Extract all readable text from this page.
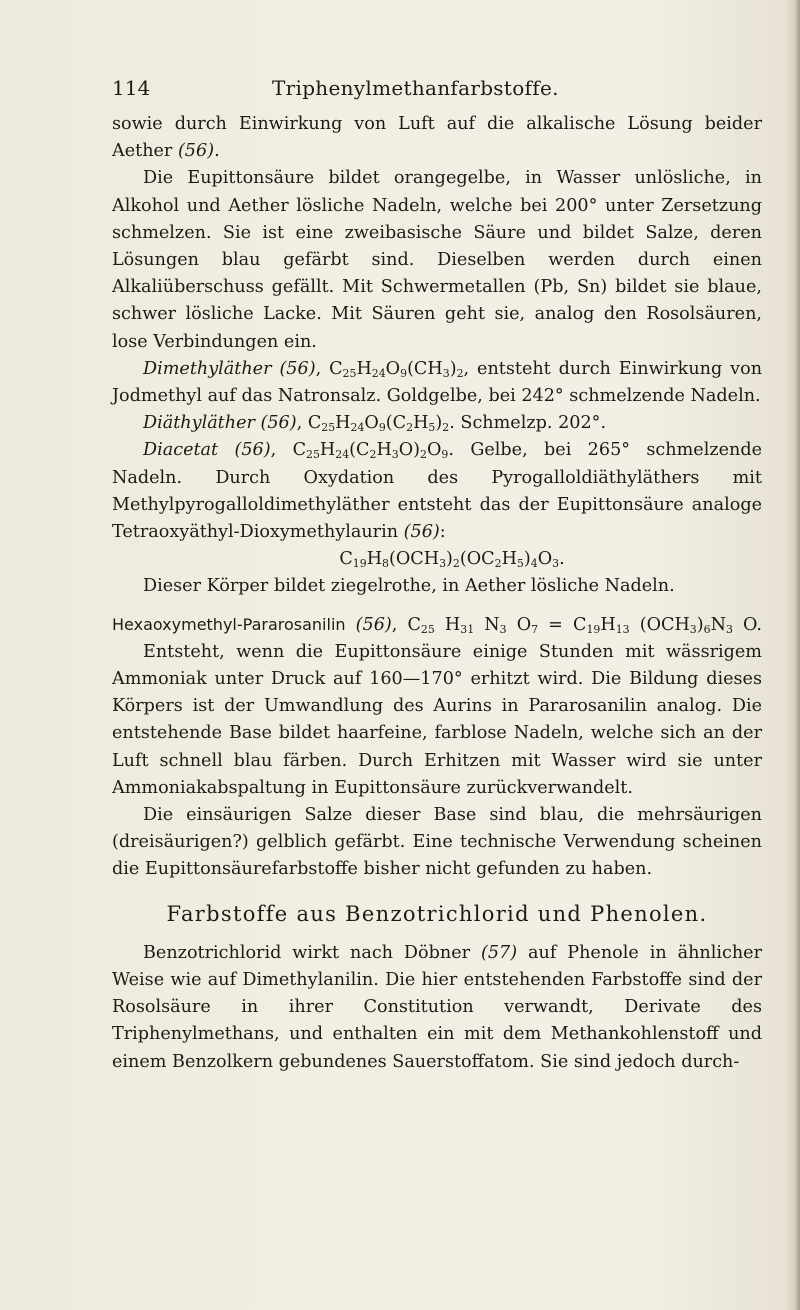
114	Triphenylmethanfarbstoffe.

sowie durch Einwirkung von Luft auf die alkalische Lösung beider Aether (56).

Die Eupittonsäure bildet orangegelbe, in Wasser unlösliche, in Alkohol und Aether lösliche Nadeln, welche bei 200° unter Zersetzung schmelzen. Sie ist eine zweibasische Säure und bildet Salze, deren Lösungen blau gefärbt sind. Dieselben werden durch einen Alkaliüberschuss gefällt. Mit Schwermetallen (Pb, Sn) bildet sie blaue, schwer lösliche Lacke. Mit Säuren geht sie, analog den Rosolsäuren, lose Verbindungen ein.

Dimethyläther (56), $C_{25}H_{24}O_9(CH_3)_2$, entsteht durch Einwirkung von Jodmethyl auf das Natronsalz. Goldgelbe, bei 242° schmelzende Nadeln.

Diäthyläther (56), $C_{25}H_{24}O_9(C_2H_5)_2$. Schmelzp. 202°.

Diacetat (56), $C_{25}H_{24}(C_2H_3O)_2O_9$. Gelbe, bei 265° schmelzende Nadeln. Durch Oxydation des Pyrogalloldiäthyläthers mit Methylpyrogalloldimethyläther entsteht das der Eupittonsäure analoge Tetraoxyäthyl-Dioxymethylaurin (56):

$C_{19}H_8(OCH_3)_2(OC_2H_5)_4O_3$.

Dieser Körper bildet ziegelrothe, in Aether lösliche Nadeln.

Hexaoxymethyl-Pararosanilin (56), $C_{25}$ $H_{31}$ $N_3$ $O_7 = C_{19}H_{13}$ $(OCH_3)_6N_3$ O.

Entsteht, wenn die Eupittonsäure einige Stunden mit wässrigem Ammoniak unter Druck auf 160—170° erhitzt wird. Die Bildung dieses Körpers ist der Umwandlung des Aurins in Pararosanilin analog. Die entstehende Base bildet haarfeine, farblose Nadeln, welche sich an der Luft schnell blau färben. Durch Erhitzen mit Wasser wird sie unter Ammoniakabspaltung in Eupittonsäure zurückverwandelt.

Die einsäurigen Salze dieser Base sind blau, die mehrsäurigen (dreisäurigen?) gelblich gefärbt. Eine technische Verwendung scheinen die Eupittonsäurefarbstoffe bisher nicht gefunden zu haben.

Farbstoffe aus Benzotrichlorid und Phenolen.

Benzotrichlorid wirkt nach Döbner (57) auf Phenole in ähnlicher Weise wie auf Dimethylanilin. Die hier entstehenden Farbstoffe sind der Rosolsäure in ihrer Constitution verwandt, Derivate des Triphenylmethans, und enthalten ein mit dem Methankohlenstoff und einem Benzolkern gebundenes Sauerstoffatom. Sie sind jedoch durch-
